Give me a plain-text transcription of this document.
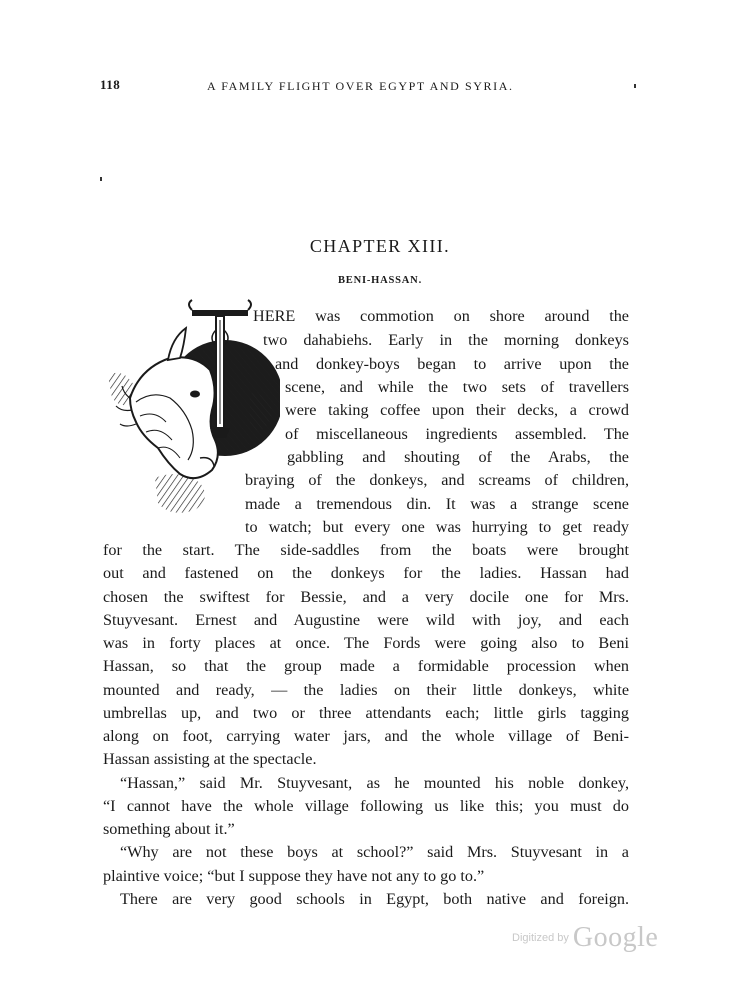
118	A FAMILY FLIGHT OVER EGYPT AND SYRIA.
CHAPTER XIII.
BENI-HASSAN.
HERE was commotion on shore around the
two dahabiehs. Early in the morning donkeys
and donkey-boys began to arrive upon the
scene, and while the two sets of travellers
were taking coffee upon their decks, a crowd
of miscellaneous ingredients assembled. The
gabbling and shouting of the Arabs, the
braying of the donkeys, and screams of children,
made a tremendous din. It was a strange scene
to watch; but every one was hurrying to get ready
for the start. The side-saddles from the boats were brought
out and fastened on the donkeys for the ladies. Hassan had
chosen the swiftest for Bessie, and a very docile one for Mrs.
Stuyvesant. Ernest and Augustine were wild with joy, and each
was in forty places at once. The Fords were going also to Beni
Hassan, so that the group made a formidable procession when
mounted and ready, — the ladies on their little donkeys, white
umbrellas up, and two or three attendants each; little girls tagging
along on foot, carrying water jars, and the whole village of Beni-
Hassan assisting at the spectacle.
“Hassan,” said Mr. Stuyvesant, as he mounted his noble donkey,
“I cannot have the whole village following us like this; you must do
something about it.”
“Why are not these boys at school?” said Mrs. Stuyvesant in a
plaintive voice; “but I suppose they have not any to go to.”
There are very good schools in Egypt, both native and foreign.
Digitized by Google
